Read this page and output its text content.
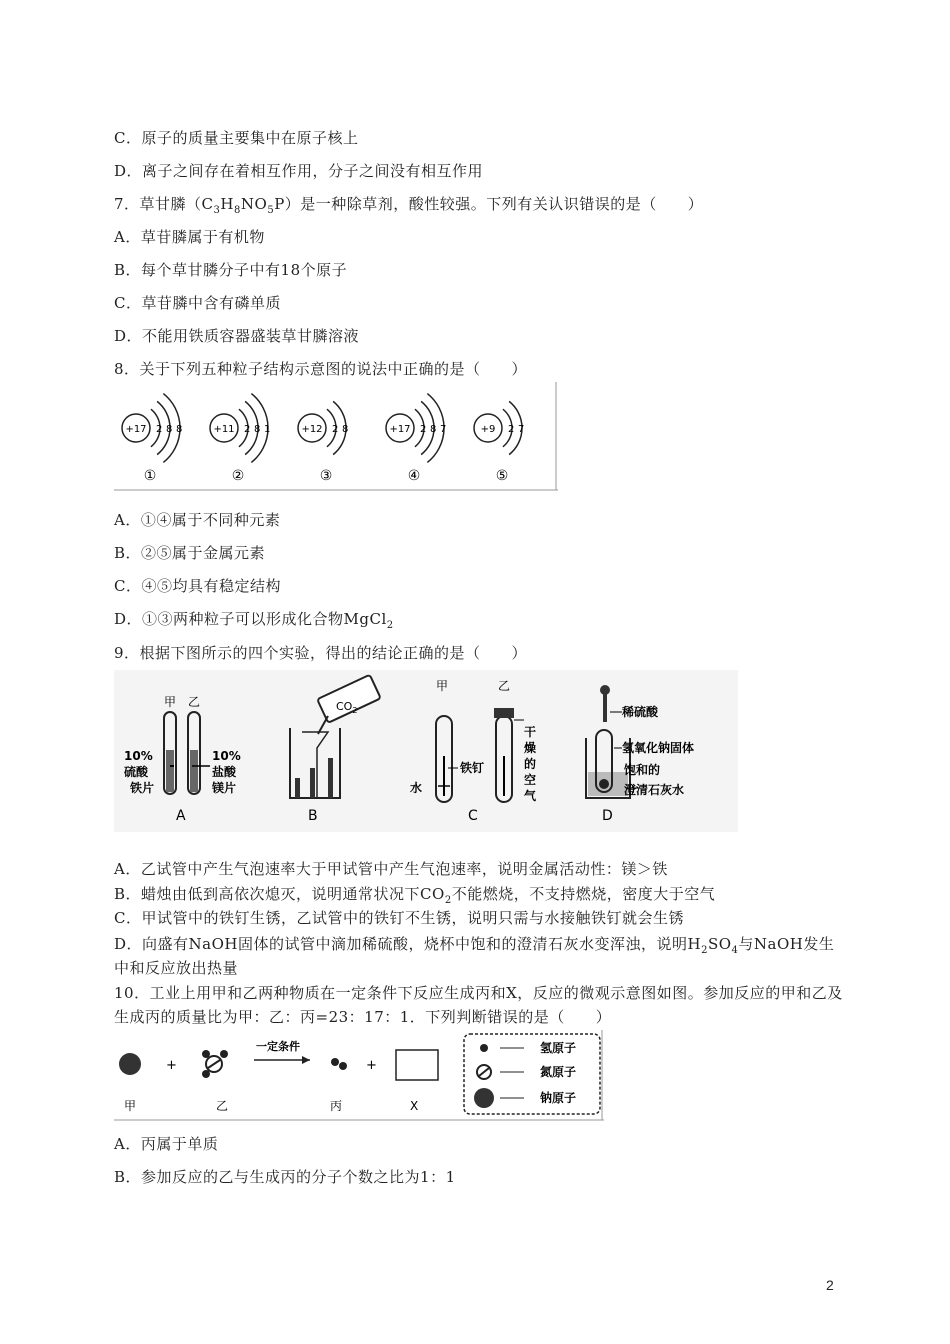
C．原子的质量主要集中在原子核上
D．离子之间存在着相互作用，分子之间没有相互作用
7．草甘膦$(C_3H_8NO_5P)$是一种除草剂，酸性较强。下列有关认识错误的是（　　）
A．草苷膦属于有机物
B．每个草甘膦分子中有18个原子
C．草苷膦中含有磷单质
D．不能用铁质容器盛装草甘膦溶液
8．关于下列五种粒子结构示意图的说法中正确的是（　　）
+17 2 8 8
①
+11 2 8 1
②
+12 2 8
③
+17 2 8 7
④
+9 2 7
⑤
A．①④属于不同种元素
B．②⑤属于金属元素
C．④⑤均具有稳定结构
D．①③两种粒子可以形成化合物MgCl$_2$
9．根据下图所示的四个实验，得出的结论正确的是（　　）
甲 乙
10%
硫酸
铁片
10%
盐酸
镁片
A
$CO_2$
B
甲	乙
铁钉
水
干
燥
的
空
气
C
稀硫酸
氢氧化钠固体
饱和的
澄清石灰水
D
A．乙试管中产生气泡速率大于甲试管中产生气泡速率，说明金属活动性：镁＞铁
B．蜡烛由低到高依次熄灭，说明通常状况下$CO_2$不能燃烧，不支持燃烧，密度大于空气
C．甲试管中的铁钉生锈，乙试管中的铁钉不生锈，说明只需与水接触铁钉就会生锈
D．向盛有NaOH固体的试管中滴加稀硫酸，烧杯中饱和的澄清石灰水变浑浊，说明$H_2SO_4$与NaOH发生中和反应放出热量
10．工业上用甲和乙两种物质在一定条件下反应生成丙和X，反应的微观示意图如图。参加反应的甲和乙及生成丙的质量比为甲：乙：丙=23：17：1．下列判断错误的是（　　）
+
一定条件
+
甲	乙	丙	X
氢原子
氮原子
钠原子
A．丙属于单质
B．参加反应的乙与生成丙的分子个数之比为1：1
2
